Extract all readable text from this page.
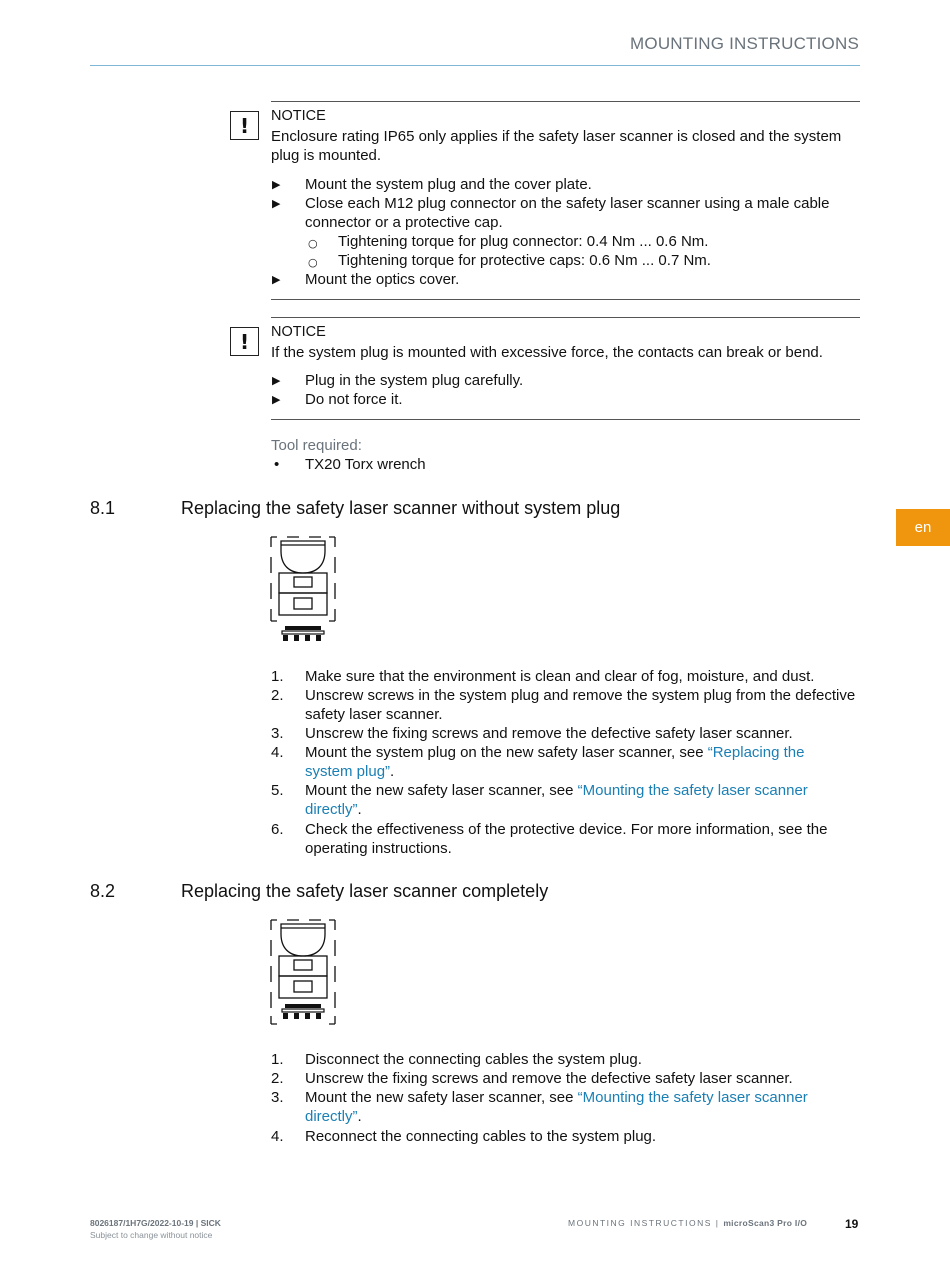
MOUNTING INSTRUCTIONS
!	NOTICE
Enclosure rating IP65 only applies if the safety laser scanner is closed and the system
plug is mounted.
▶ Mount the system plug and the cover plate.
▶ Close each M12 plug connector on the safety laser scanner using a male cable
connector or a protective cap.
○ Tightening torque for plug connector: 0.4 Nm ... 0.6 Nm.
○ Tightening torque for protective caps: 0.6 Nm ... 0.7 Nm.
▶ Mount the optics cover.
!	NOTICE
If the system plug is mounted with excessive force, the contacts can break or bend.
▶ Plug in the system plug carefully.
▶ Do not force it.
Tool required:
• TX20 Torx wrench
8.1	Replacing the safety laser scanner without system plug
1. Make sure that the environment is clean and clear of fog, moisture, and dust.
2. Unscrew screws in the system plug and remove the system plug from the defective
safety laser scanner.
3. Unscrew the fixing screws and remove the defective safety laser scanner.
4. Mount the system plug on the new safety laser scanner, see “Replacing the
system plug”.
5. Mount the new safety laser scanner, see “Mounting the safety laser scanner
directly”.
6. Check the effectiveness of the protective device. For more information, see the
operating instructions.
8.2	Replacing the safety laser scanner completely
1. Disconnect the connecting cables the system plug.
2. Unscrew the fixing screws and remove the defective safety laser scanner.
3. Mount the new safety laser scanner, see “Mounting the safety laser scanner
directly”.
4. Reconnect the connecting cables to the system plug.
en
8026187/1H7G/2022-10-19 | SICK
Subject to change without notice
MOUNTING INSTRUCTIONS | microScan3 Pro I/O	19
